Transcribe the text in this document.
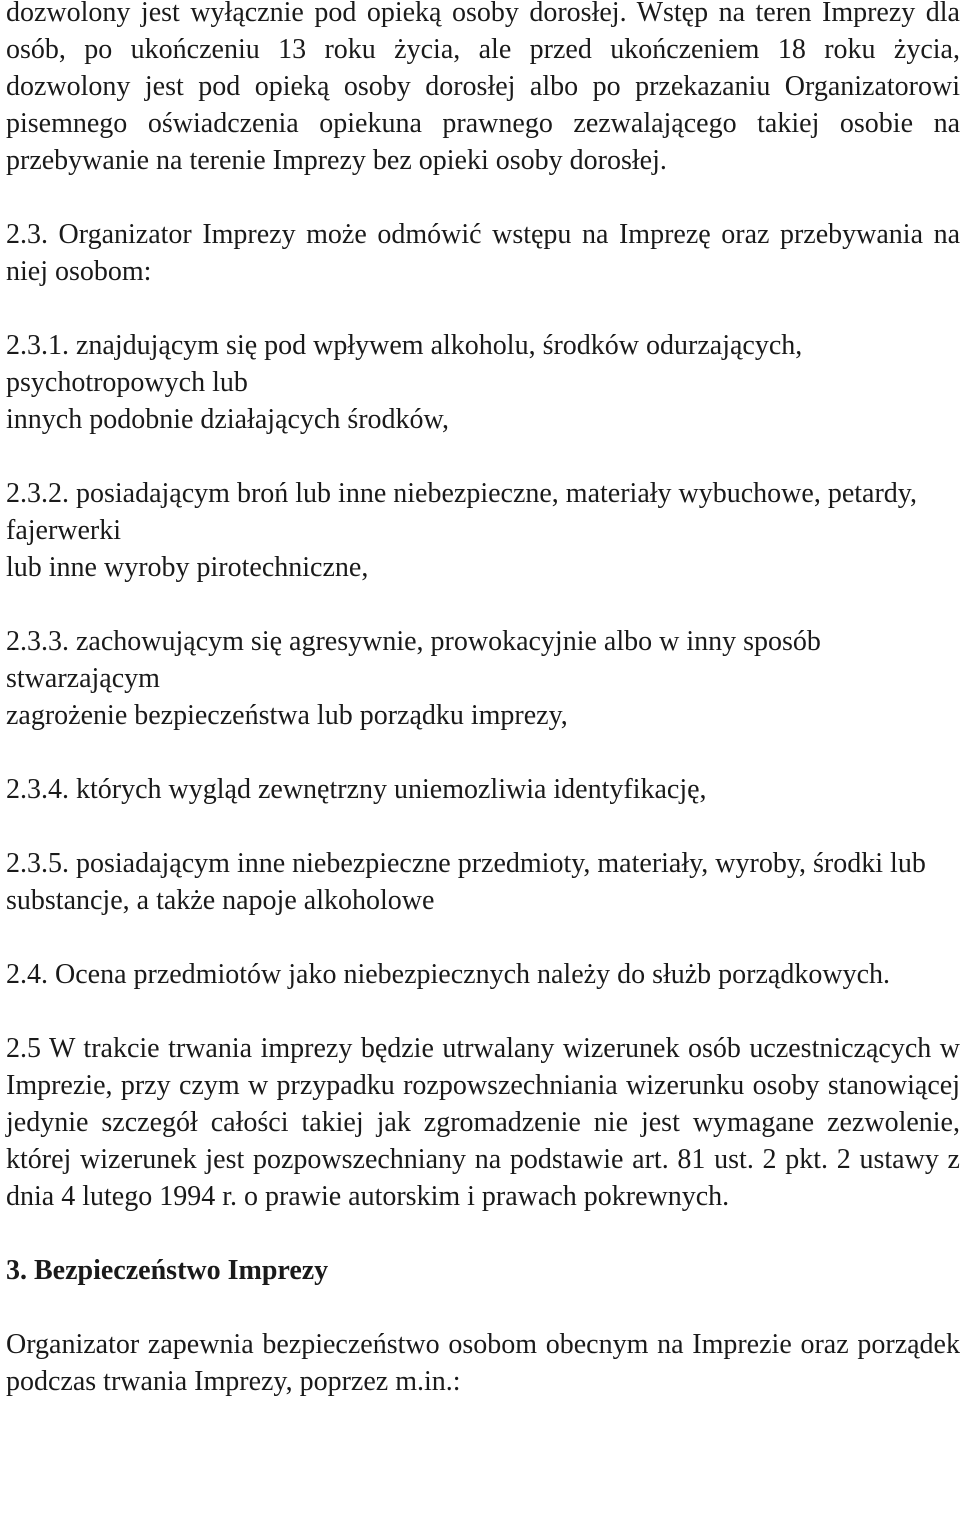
dozwolony jest wyłącznie pod opieką osoby dorosłej. Wstęp na teren Imprezy dla osób, po ukończeniu 13 roku życia, ale przed ukończeniem 18 roku życia, dozwolony jest pod opieką osoby dorosłej albo po przekazaniu Organizatorowi pisemnego oświadczenia opiekuna prawnego zezwalającego takiej osobie na przebywanie na terenie Imprezy bez opieki osoby dorosłej.

2.3. Organizator Imprezy może odmówić wstępu na Imprezę oraz przebywania na niej osobom:

2.3.1. znajdującym się pod wpływem alkoholu, środków odurzających, psychotropowych lub
innych podobnie działających środków,

2.3.2. posiadającym broń lub inne niebezpieczne, materiały wybuchowe, petardy, fajerwerki
lub inne wyroby pirotechniczne,

2.3.3. zachowującym się agresywnie, prowokacyjnie albo w inny sposób stwarzającym
zagrożenie bezpieczeństwa lub porządku imprezy,

2.3.4. których wygląd zewnętrzny uniemozliwia identyfikację,

2.3.5. posiadającym inne niebezpieczne przedmioty, materiały, wyroby, środki lub substancje, a także napoje alkoholowe

2.4. Ocena przedmiotów jako niebezpiecznych należy do służb porządkowych.

2.5 W trakcie trwania imprezy będzie utrwalany wizerunek osób uczestniczących w Imprezie, przy czym w przypadku rozpowszechniania wizerunku osoby stanowiącej jedynie szczegół całości takiej jak zgromadzenie nie jest wymagane zezwolenie, której wizerunek jest pozpowszechniany na podstawie art. 81 ust. 2 pkt. 2 ustawy z dnia 4 lutego 1994 r. o prawie autorskim i prawach pokrewnych.

3. Bezpieczeństwo Imprezy

Organizator zapewnia bezpieczeństwo osobom obecnym na Imprezie oraz porządek podczas trwania Imprezy, poprzez m.in.:
